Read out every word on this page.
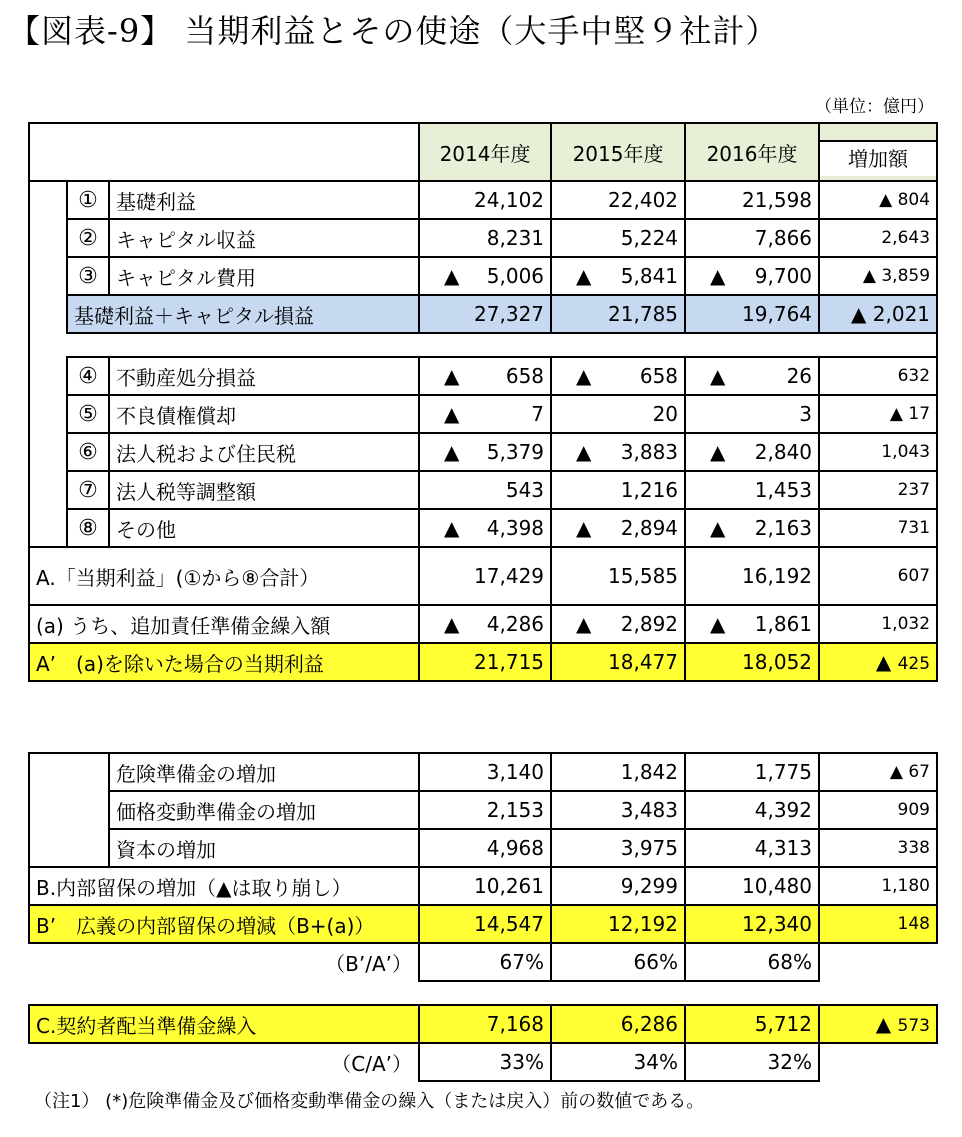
【図表-9】 当期利益とその使途（大手中堅９社計）
（単位：億円）
			2014年度	2015年度	2016年度	増加額

	①	基礎利益	24,102	22,402	21,598	▲ 804
	②	キャピタル収益	8,231	5,224	7,866	2,643
	③	キャピタル費用	▲ 5,006	▲ 5,841	▲ 9,700	▲ 3,859
	基礎利益＋キャピタル損益		27,327	21,785	19,764	▲ 2,021

	④	不動産処分損益	▲ 658	▲ 658	▲ 26	632
	⑤	不良債権償却	▲ 7	20	3	▲ 17
	⑥	法人税および住民税	▲ 5,379	▲ 3,883	▲ 2,840	1,043
	⑦	法人税等調整額	543	1,216	1,453	237
	⑧	その他	▲ 4,398	▲ 2,894	▲ 2,163	731
A.「当期利益」(①から⑧合計）			17,429	15,585	16,192	607
(a) うち、追加責任準備金繰入額			▲ 4,286	▲ 2,892	▲ 1,861	1,032
A’　(a)を除いた場合の当期利益			21,715	18,477	18,052	▲ 425
	危険準備金の増加	3,140	1,842	1,775	▲ 67
	価格変動準備金の増加	2,153	3,483	4,392	909
	資本の増加	4,968	3,975	4,313	338
B.内部留保の増加（▲は取り崩し）		10,261	9,299	10,480	1,180
B’　広義の内部留保の増減（B+(a)）		14,547	12,192	12,340	148
（B’/A’）		67%	66%	68%	

C.契約者配当準備金繰入		7,168	6,286	5,712	▲ 573
（C/A’）		33%	34%	32%	
（注1） (*)危険準備金及び価格変動準備金の繰入（または戻入）前の数値である。
